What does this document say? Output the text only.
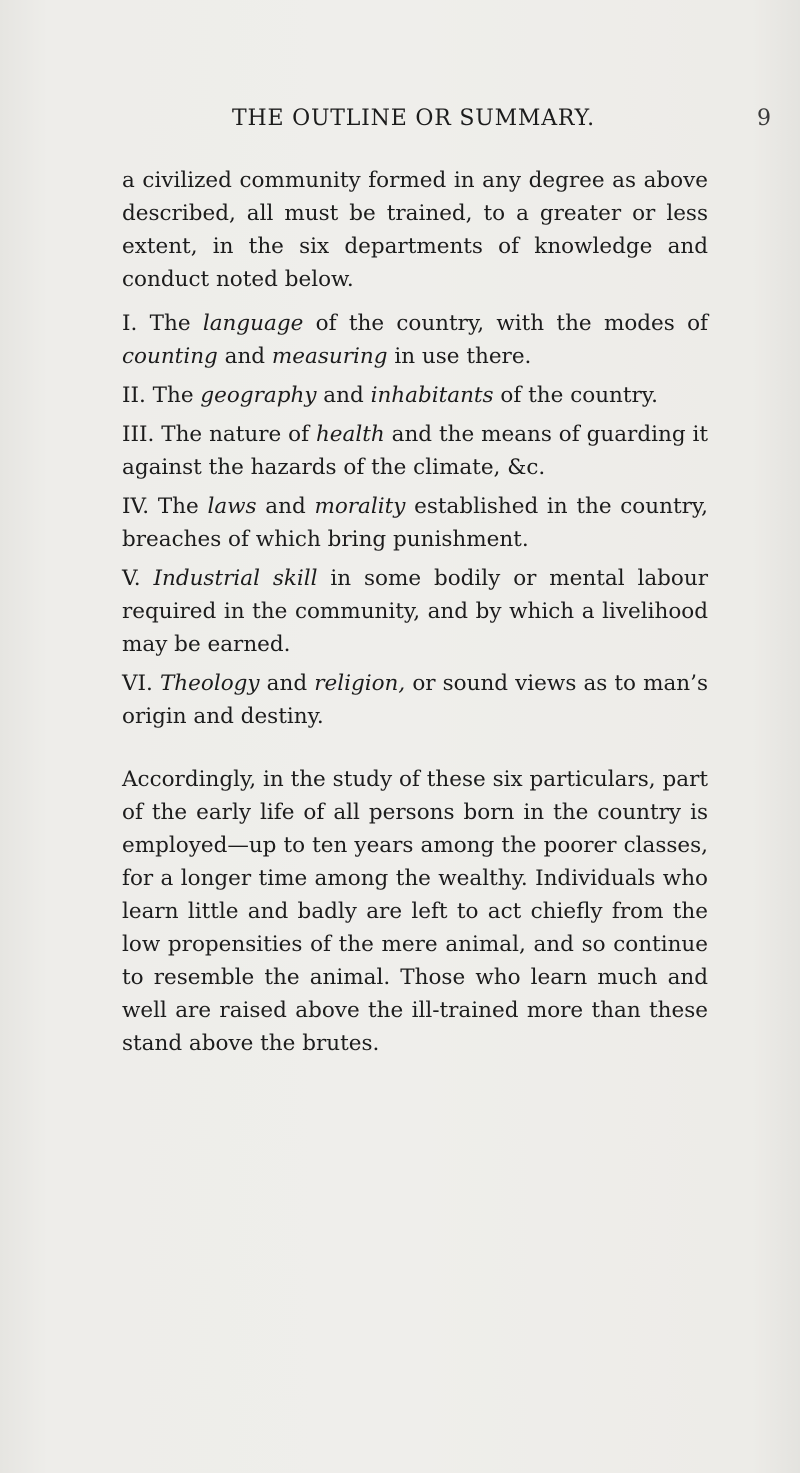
THE OUTLINE OR SUMMARY.	9

a civilized community formed in any degree as above described, all must be trained, to a greater or less extent, in the six departments of knowledge and conduct noted below.

I. The language of the country, with the modes of counting and measuring in use there.

II. The geography and inhabitants of the country.

III. The nature of health and the means of guarding it against the hazards of the climate, &c.

IV. The laws and morality established in the country, breaches of which bring punishment.

V. Industrial skill in some bodily or mental labour required in the community, and by which a livelihood may be earned.

VI. Theology and religion, or sound views as to man’s origin and destiny.

Accordingly, in the study of these six particulars, part of the early life of all persons born in the country is employed—up to ten years among the poorer classes, for a longer time among the wealthy. Individuals who learn little and badly are left to act chiefly from the low propensities of the mere animal, and so continue to resemble the animal. Those who learn much and well are raised above the ill-trained more than these stand above the brutes.
